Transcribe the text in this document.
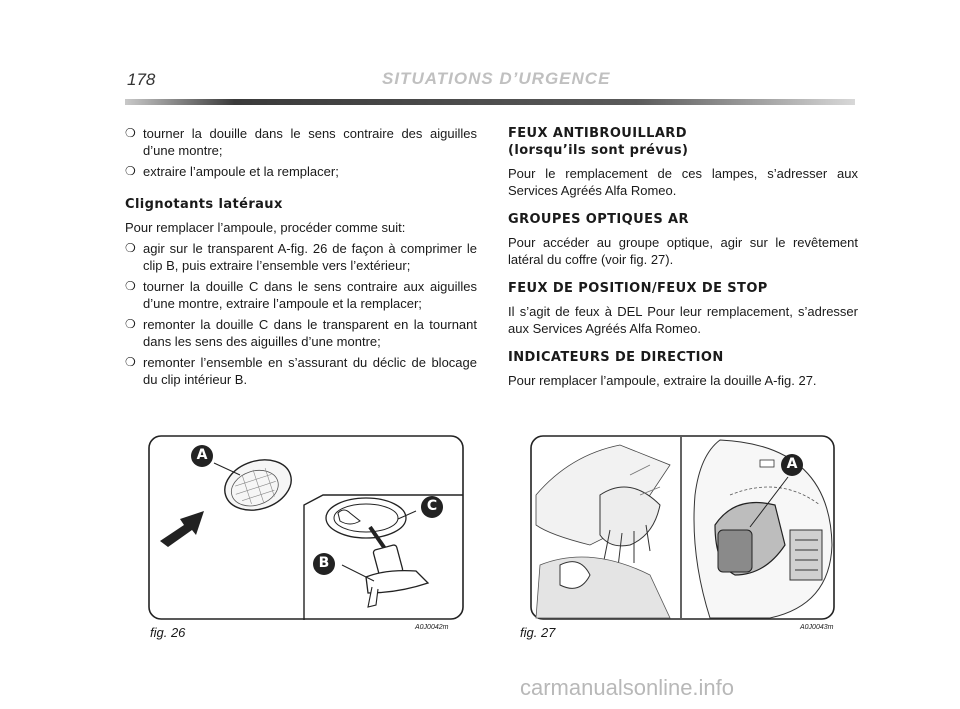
178	SITUATIONS D’URGENCE
❍ tourner la douille dans le sens contraire des aiguilles d’une montre;
❍ extraire l’ampoule et la remplacer;
Clignotants latéraux
Pour remplacer l’ampoule, procéder comme suit:
❍ agir sur le transparent A-fig. 26 de façon à comprimer le clip B, puis extraire l’ensemble vers l’extérieur;
❍ tourner la douille C dans le sens contraire aux aiguilles d’une montre, extraire l’ampoule et la remplacer;
❍ remonter la douille C dans le transparent en la tournant dans les sens des aiguilles d’une montre;
❍ remonter l’ensemble en s’assurant du déclic de blocage du clip intérieur B.
FEUX ANTIBROUILLARD
(lorsqu’ils sont prévus)
Pour le remplacement de ces lampes, s’adresser aux Services Agréés Alfa Romeo.
GROUPES OPTIQUES AR
Pour accéder au groupe optique, agir sur le revêtement latéral du coffre (voir fig. 27).
FEUX DE POSITION/FEUX DE STOP
Il s’agit de feux à DEL Pour leur remplacement, s’adresser aux Services Agréés Alfa Romeo.
INDICATEURS DE DIRECTION
Pour remplacer l’ampoule, extraire la douille A-fig. 27.
A
C
B
fig. 26	A0J0042m
A
fig. 27	A0J0043m
carmanualsonline.info
